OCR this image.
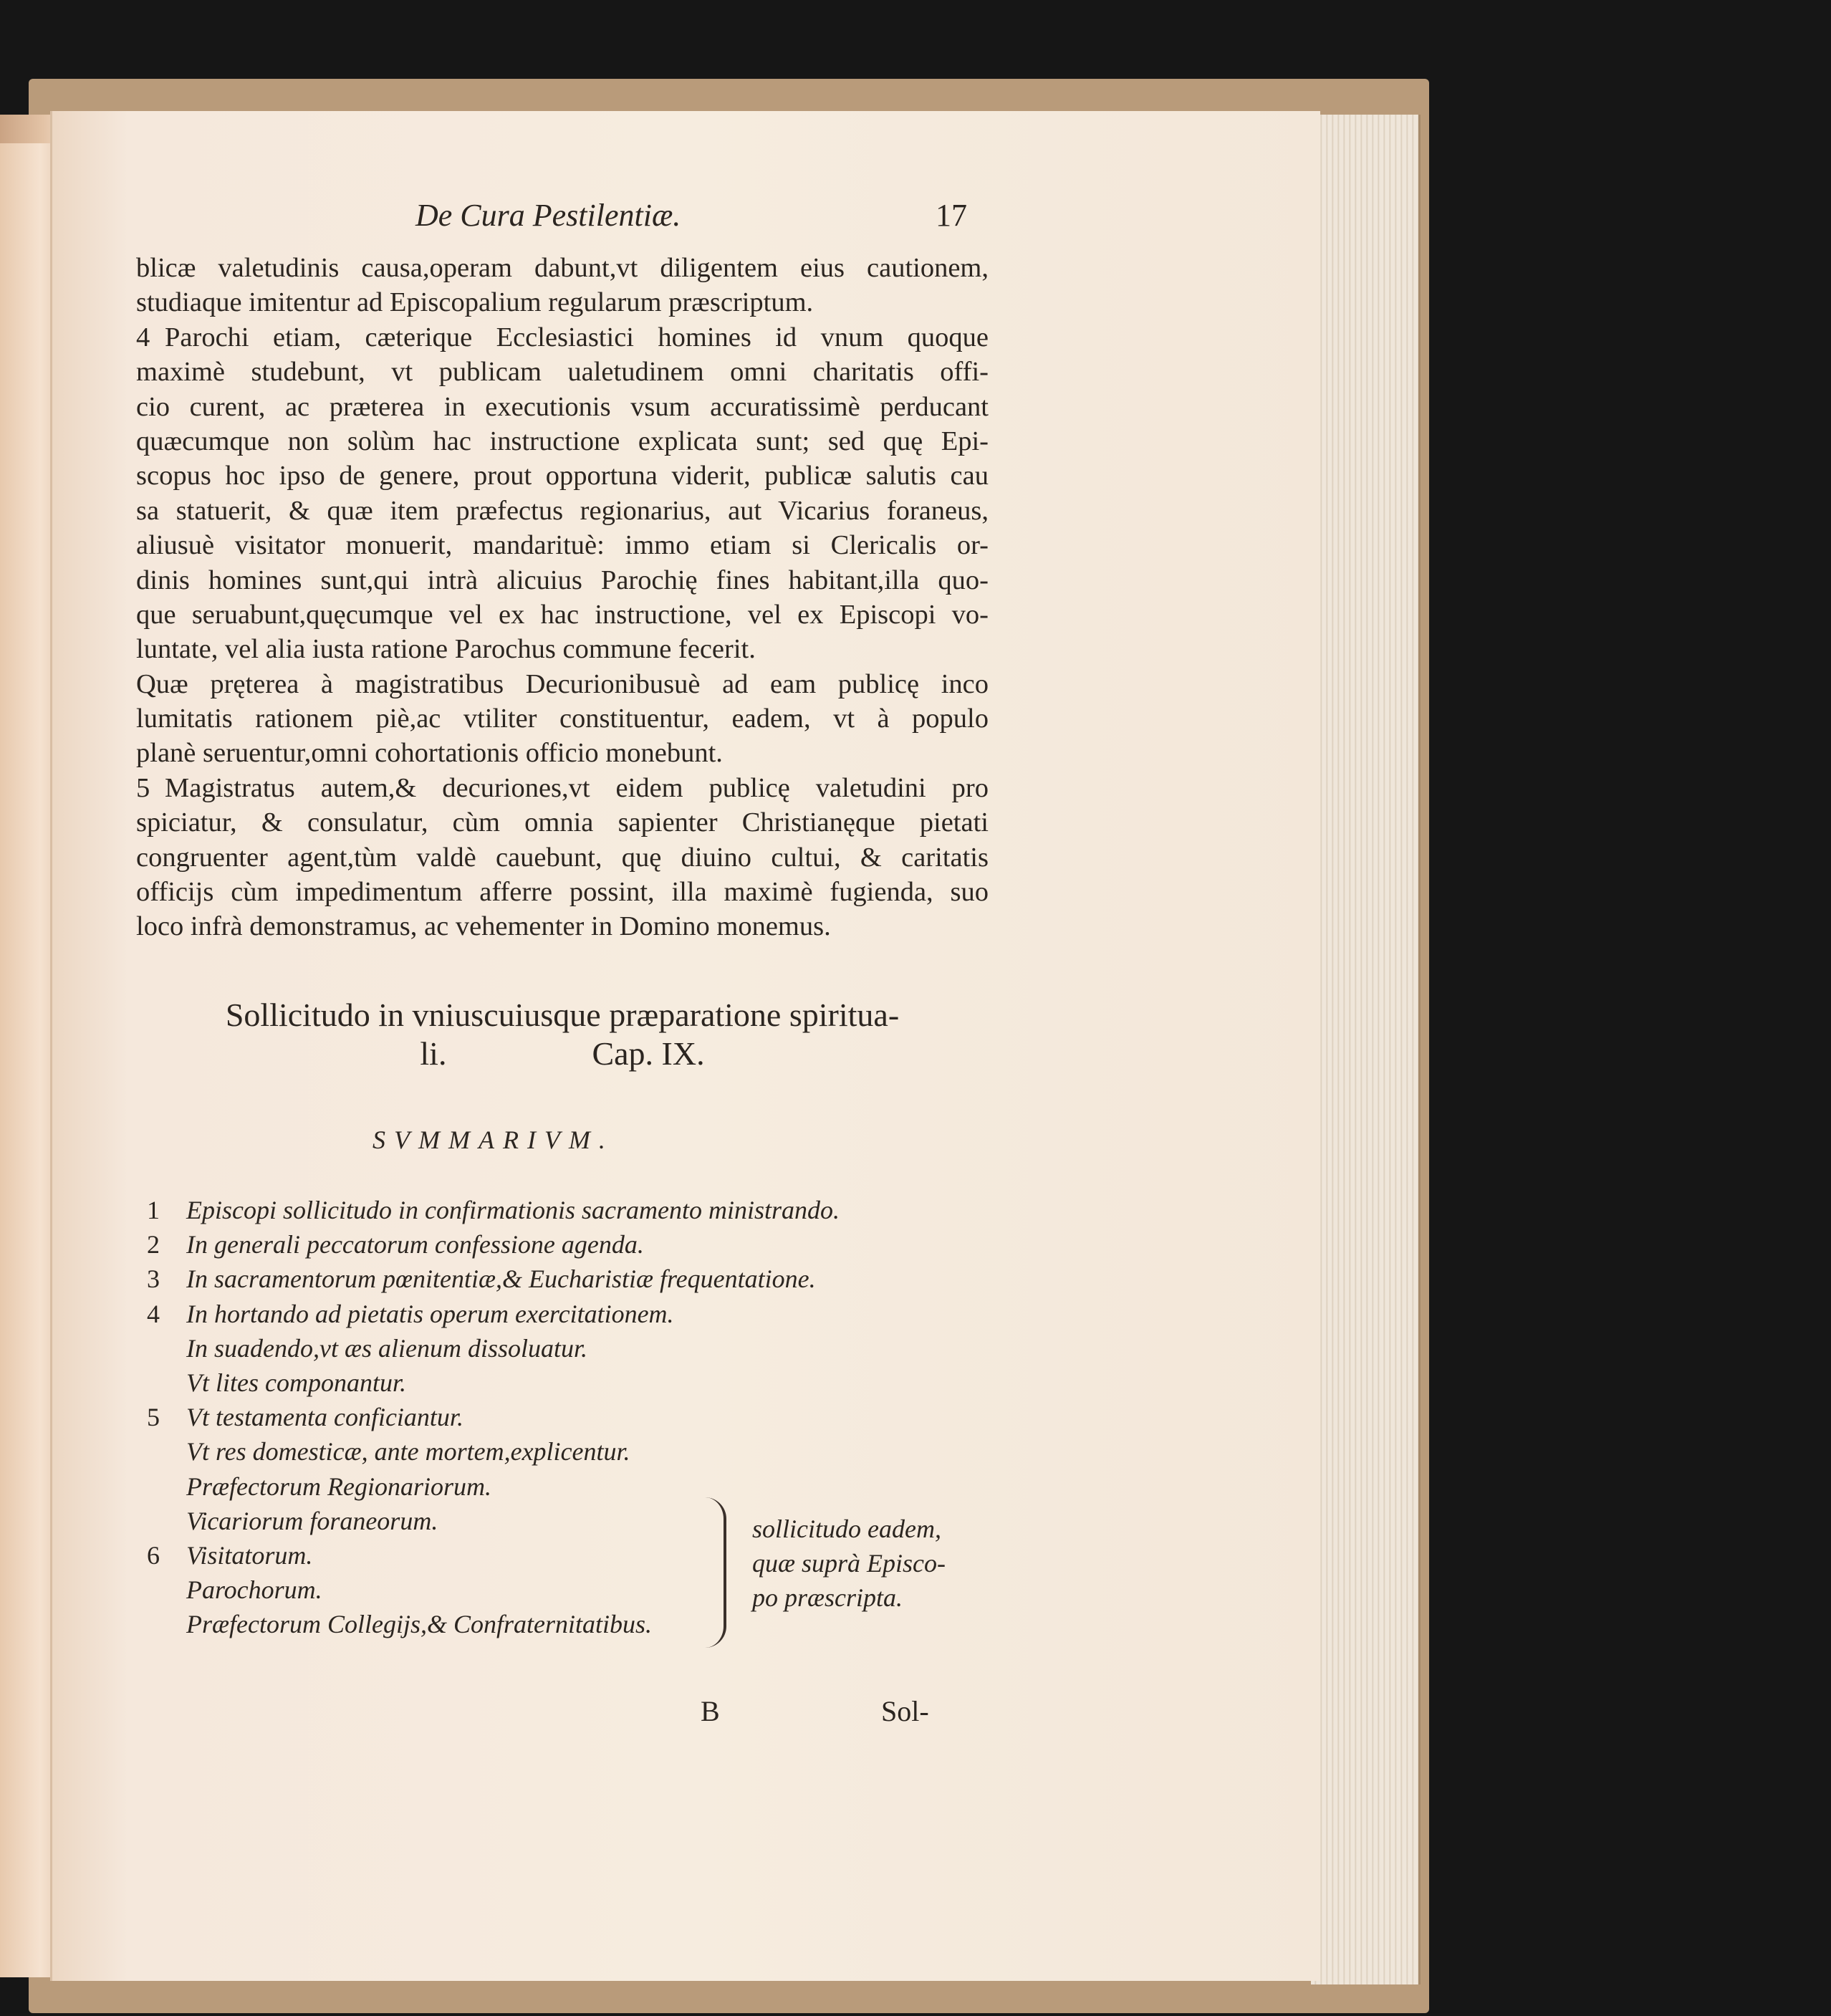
De Cura Pestilentiæ.	17
blicæ valetudinis causa,operam dabunt,vt diligentem eius cautionem,
studiaque imitentur ad Episcopalium regularum præscriptum.
4 Parochi etiam, cæterique Ecclesiastici homines id vnum quoque
maximè studebunt, vt publicam ualetudinem omni charitatis offi-
cio curent, ac præterea in executionis vsum accuratissimè perducant
quæcumque non solùm hac instructione explicata sunt; sed quę Epi-
scopus hoc ipso de genere, prout opportuna viderit, publicæ salutis cau
sa statuerit, & quæ item præfectus regionarius, aut Vicarius foraneus,
aliusuè visitator monuerit, mandarituè: immo etiam si Clericalis or-
dinis homines sunt,qui intrà alicuius Parochię fines habitant,illa quo-
que seruabunt,quęcumque vel ex hac instructione, vel ex Episcopi vo-
luntate, vel alia iusta ratione Parochus commune fecerit.
Quæ pręterea à magistratibus Decurionibusuè ad eam publicę inco
lumitatis rationem piè,ac vtiliter constituentur, eadem, vt à populo
planè seruentur,omni cohortationis officio monebunt.
5 Magistratus autem,& decuriones,vt eidem publicę valetudini pro
spiciatur, & consulatur, cùm omnia sapienter Christianęque pietati
congruenter agent,tùm valdè cauebunt, quę diuino cultui, & caritatis
officijs cùm impedimentum afferre possint, illa maximè fugienda, suo
loco infrà demonstramus, ac vehementer in Domino monemus.
Sollicitudo in vniuscuiusque præparatione spiritua-
li.	Cap. IX.
SVMMARIVM.
1	Episcopi sollicitudo in confirmationis sacramento ministrando.
2	In generali peccatorum confessione agenda.
3	In sacramentorum pœnitentiæ,& Eucharistiæ frequentatione.
4	In hortando ad pietatis operum exercitationem.
In suadendo,vt æs alienum dissoluatur.
Vt lites componantur.
5	Vt testamenta conficiantur.
Vt res domesticæ, ante mortem,explicentur.
Præfectorum Regionariorum.
Vicariorum foraneorum.
6	Visitatorum.
Parochorum.
Præfectorum Collegijs,& Confraternitatibus.
sollicitudo eadem,
quæ suprà Episco-
po præscripta.
B	Sol-
